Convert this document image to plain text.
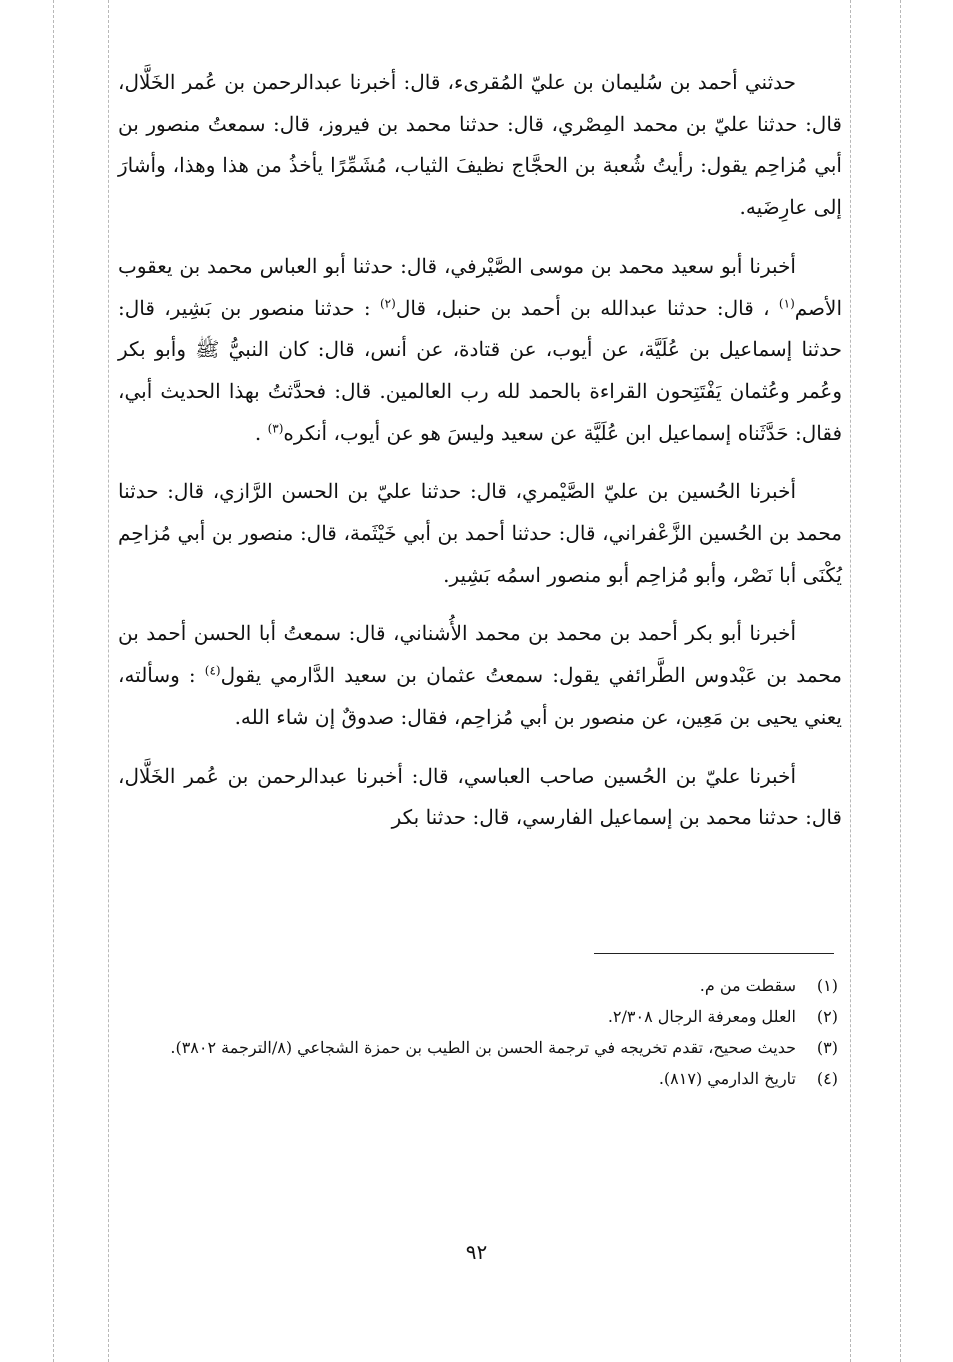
حدثني أحمد بن سُليمان بن عليّ المُقرىء، قال: أخبرنا عبدالرحمن بن عُمر الخَلَّال، قال: حدثنا عليّ بن محمد المِصْري، قال: حدثنا محمد بن فيروز، قال: سمعتُ منصور بن أبي مُزاحِم يقول: رأيتُ شُعبة بن الحجَّاج نظيفَ الثياب، مُشَمِّرًا يأخذُ من هذا وهذا، وأشارَ إلى عارِضَيه.

أخبرنا أبو سعيد محمد بن موسى الصَّيْرفي، قال: حدثنا أبو العباس محمد بن يعقوب الأصم$^{(١)}$ ، قال: حدثنا عبدالله بن أحمد بن حنبل، قال$^{(٢)}$ : حدثنا منصور بن بَشِير، قال: حدثنا إسماعيل بن عُلَيَّة، عن أيوب، عن قتادة، عن أنس، قال: كان النبيُّ ﷺ وأبو بكر وعُمر وعُثمان يَفْتَتِحون القراءة بالحمد لله رب العالمين. قال: فحدَّثتُ بهذا الحديث أبي، فقال: حَدَّثَناه إسماعيل ابن عُلَيَّة عن سعيد وليسَ هو عن أيوب، أنكره$^{(٣)}$ .

أخبرنا الحُسين بن عليّ الصَّيْمري، قال: حدثنا عليّ بن الحسن الرَّازي، قال: حدثنا محمد بن الحُسين الزَّعْفراني، قال: حدثنا أحمد بن أبي خَيْثَمة، قال: منصور بن أبي مُزاحِم يُكْنَى أبا نَصْر، وأبو مُزاحِم أبو منصور اسمُه بَشِير.

أخبرنا أبو بكر أحمد بن محمد بن محمد الأُشناني، قال: سمعتُ أبا الحسن أحمد بن محمد بن عَبْدوس الطَّرائفي يقول: سمعتُ عثمان بن سعيد الدَّارمي يقول$^{(٤)}$ : وسألته، يعني يحيى بن مَعِين، عن منصور بن أبي مُزاحِم، فقال: صدوقٌ إن شاء الله.

أخبرنا عليّ بن الحُسين صاحب العباسي، قال: أخبرنا عبدالرحمن بن عُمر الخَلَّال، قال: حدثنا محمد بن إسماعيل الفارسي، قال: حدثنا بكر

(١)
سقطت من م.
(٢)
العلل ومعرفة الرجال ٢/٣٠٨.
(٣)
حديث صحيح، تقدم تخريجه في ترجمة الحسن بن الطيب بن حمزة الشجاعي (٨/الترجمة ٣٨٠٢).
(٤)
تاريخ الدارمي (٨١٧).
٩٢
